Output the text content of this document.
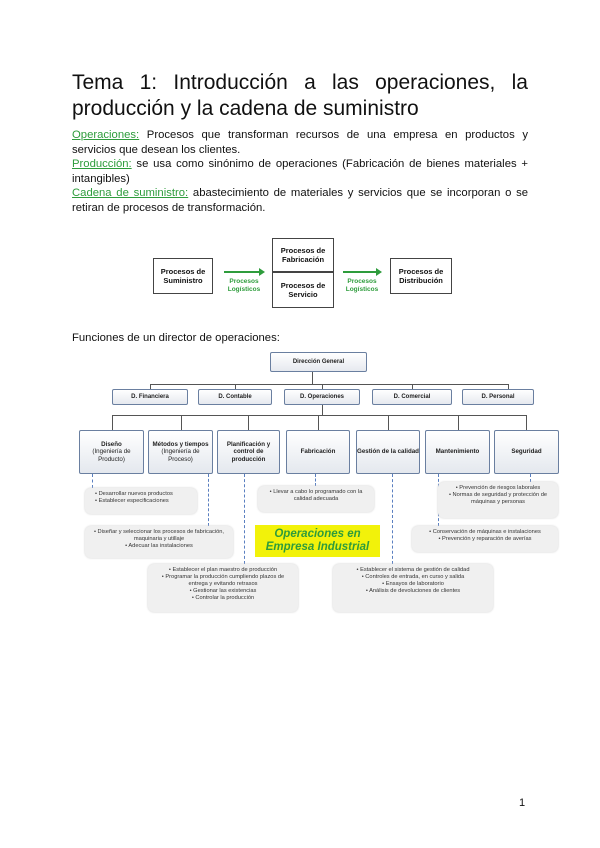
Tema 1: Introducción a las operaciones, la producción y la cadena de suministro

Operaciones: Procesos que transforman recursos de una empresa en productos y servicios que desean los clientes.

Producción: se usa como sinónimo de operaciones (Fabricación de bienes materiales + intangibles)

Cadena de suministro: abastecimiento de materiales y servicios que se incorporan o se retiran de procesos de transformación.

Procesos de Suministro	Procesos Logísticos
Procesos de Fabricación
Procesos de Servicio
Procesos Logísticos
Procesos de Distribución
Funciones de un director de operaciones:
Dirección General
D. Financiera	D. Contable	D. Operaciones	D. Comercial	D. Personal
Diseño
(Ingeniería de Producto)
Métodos y tiempos
(Ingeniería de Proceso)
Planificación y control de producción
Fabricación	Gestión de la calidad	Mantenimiento	Seguridad
• Desarrollar nuevos productos
• Establecer especificaciones
• Diseñar y seleccionar los procesos de fabricación, maquinaria y utillaje
• Adecuar las instalaciones
• Establecer el plan maestro de producción
• Programar la producción cumpliendo plazos de entrega y evitando retrasos
• Gestionar las existencias
• Controlar la producción
• Llevar a cabo lo programado con la calidad adecuada
• Establecer el sistema de gestión de calidad
• Controles de entrada, en curso y salida
• Ensayos de laboratorio
• Análisis de devoluciones de clientes
• Prevención de riesgos laborales
• Normas de seguridad y protección de máquinas y personas
• Conservación de máquinas e instalaciones
• Prevención y reparación de averías
Operaciones en
Empresa Industrial
1
